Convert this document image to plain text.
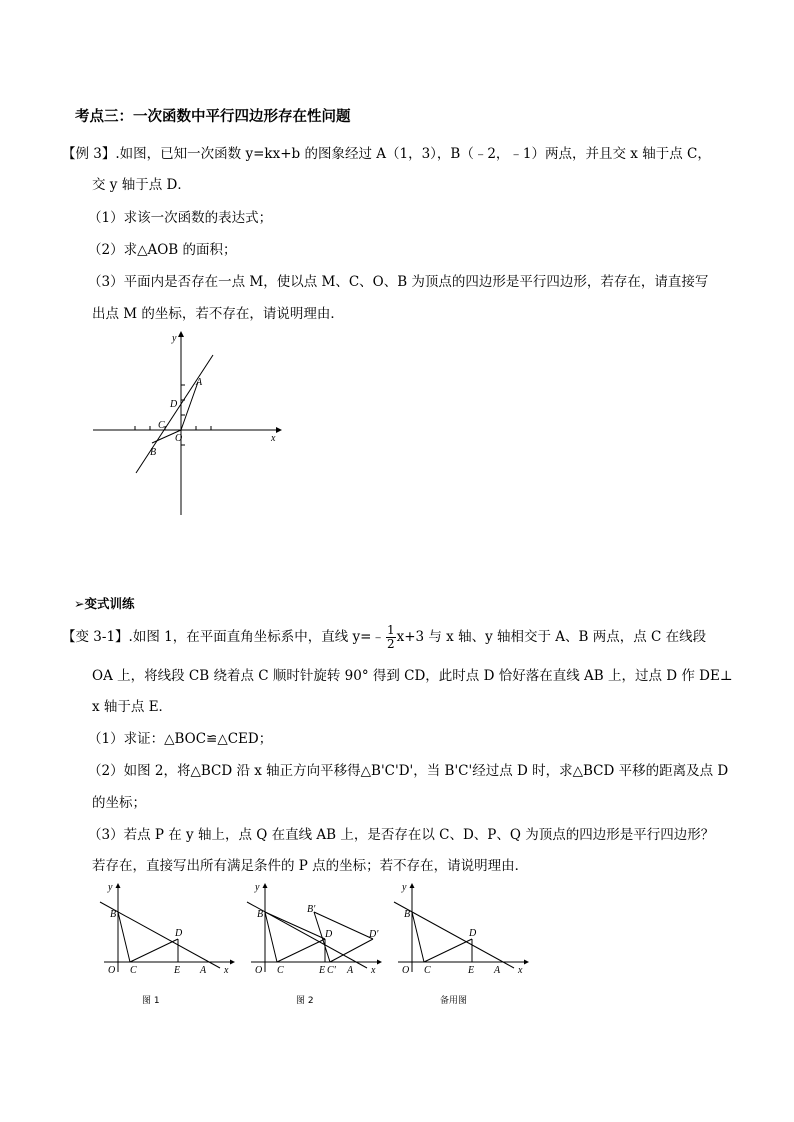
考点三：一次函数中平行四边形存在性问题
【例 3】.如图，已知一次函数 y=kx+b 的图象经过 A（1，3），B（﹣2，﹣1）两点，并且交 x 轴于点 C，
交 y 轴于点 D．
（1）求该一次函数的表达式；
（2）求△AOB 的面积；
（3）平面内是否存在一点 M，使以点 M、C、O、B 为顶点的四边形是平行四边形，若存在，请直接写
出点 M 的坐标，若不存在，请说明理由．
A
D
C
O
B
y
x
➢变式训练
【变 3-1】.如图 1，在平面直角坐标系中，直线 y=﹣ $\frac{1}{2} x+3$ 与 x 轴、y 轴相交于 A、B 两点，点 C 在线段
OA 上，将线段 CB 绕着点 C 顺时针旋转 90° 得到 CD，此时点 D 恰好落在直线 AB 上，过点 D 作 DE⊥
x 轴于点 E．
（1）求证：△BOC≌△CED；
（2）如图 2，将△BCD 沿 x 轴正方向平移得△B'C'D'，当 B'C'经过点 D 时，求△BCD 平移的距离及点 D
的坐标；
（3）若点 P 在 y 轴上，点 Q 在直线 AB 上，是否存在以 C、D、P、Q 为顶点的四边形是平行四边形？
若存在，直接写出所有满足条件的 P 点的坐标；若不存在，请说明理由．
y
B
D
O C	E A x
图 1
y
B	B'
D	D'
O C	E C' A x
图 2
y
B
D
O C	E A x
备用图
